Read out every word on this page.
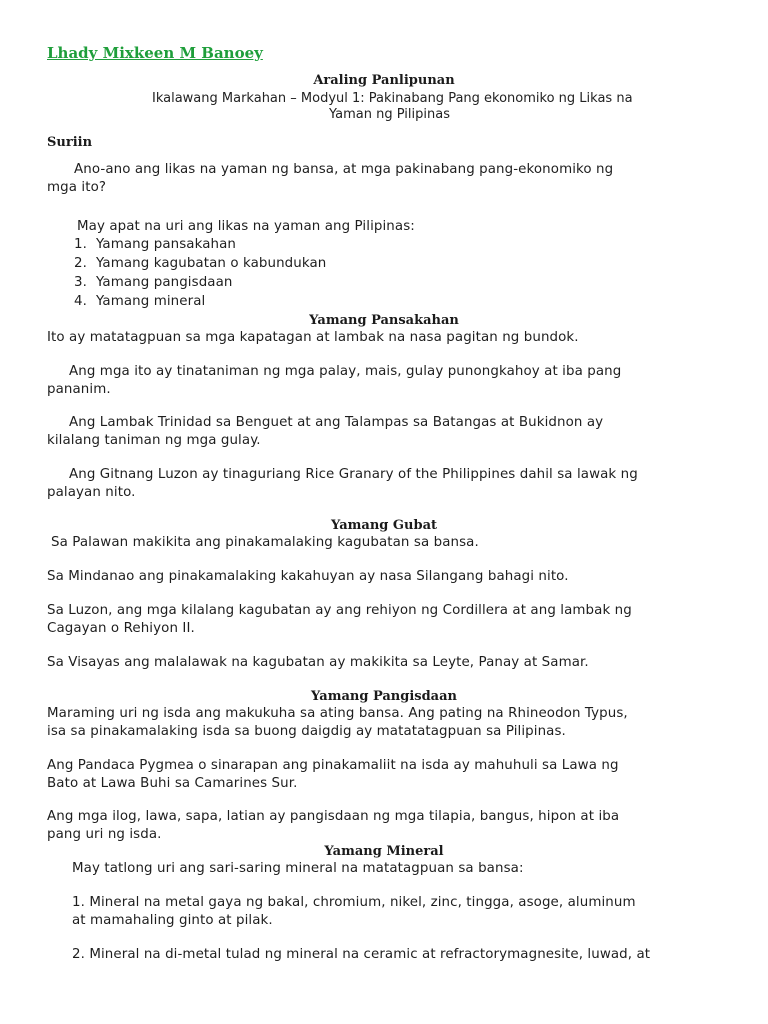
Lhady Mixkeen M Banoey
Araling Panlipunan
Ikalawang Markahan – Modyul 1: Pakinabang Pang ekonomiko ng Likas na
Yaman ng Pilipinas
Suriin
Ano-ano ang likas na yaman ng bansa, at mga pakinabang pang-ekonomiko ng
mga ito?
May apat na uri ang likas na yaman ang Pilipinas:
1. Yamang pansakahan
2. Yamang kagubatan o kabundukan
3. Yamang pangisdaan
4. Yamang mineral
Yamang Pansakahan
Ito ay matatagpuan sa mga kapatagan at lambak na nasa pagitan ng bundok.
Ang mga ito ay tinataniman ng mga palay, mais, gulay punongkahoy at iba pang
pananim.
Ang Lambak Trinidad sa Benguet at ang Talampas sa Batangas at Bukidnon ay
kilalang taniman ng mga gulay.
Ang Gitnang Luzon ay tinaguriang Rice Granary of the Philippines dahil sa lawak ng
palayan nito.
Yamang Gubat
Sa Palawan makikita ang pinakamalaking kagubatan sa bansa.
Sa Mindanao ang pinakamalaking kakahuyan ay nasa Silangang bahagi nito.
Sa Luzon, ang mga kilalang kagubatan ay ang rehiyon ng Cordillera at ang lambak ng
Cagayan o Rehiyon II.
Sa Visayas ang malalawak na kagubatan ay makikita sa Leyte, Panay at Samar.
Yamang Pangisdaan
Maraming uri ng isda ang makukuha sa ating bansa. Ang pating na Rhineodon Typus,
isa sa pinakamalaking isda sa buong daigdig ay matatatagpuan sa Pilipinas.
Ang Pandaca Pygmea o sinarapan ang pinakamaliit na isda ay mahuhuli sa Lawa ng
Bato at Lawa Buhi sa Camarines Sur.
Ang mga ilog, lawa, sapa, latian ay pangisdaan ng mga tilapia, bangus, hipon at iba
pang uri ng isda.
Yamang Mineral
May tatlong uri ang sari-saring mineral na matatagpuan sa bansa:
1. Mineral na metal gaya ng bakal, chromium, nikel, zinc, tingga, asoge, aluminum
at mamahaling ginto at pilak.
2. Mineral na di-metal tulad ng mineral na ceramic at refractorymagnesite, luwad, at
